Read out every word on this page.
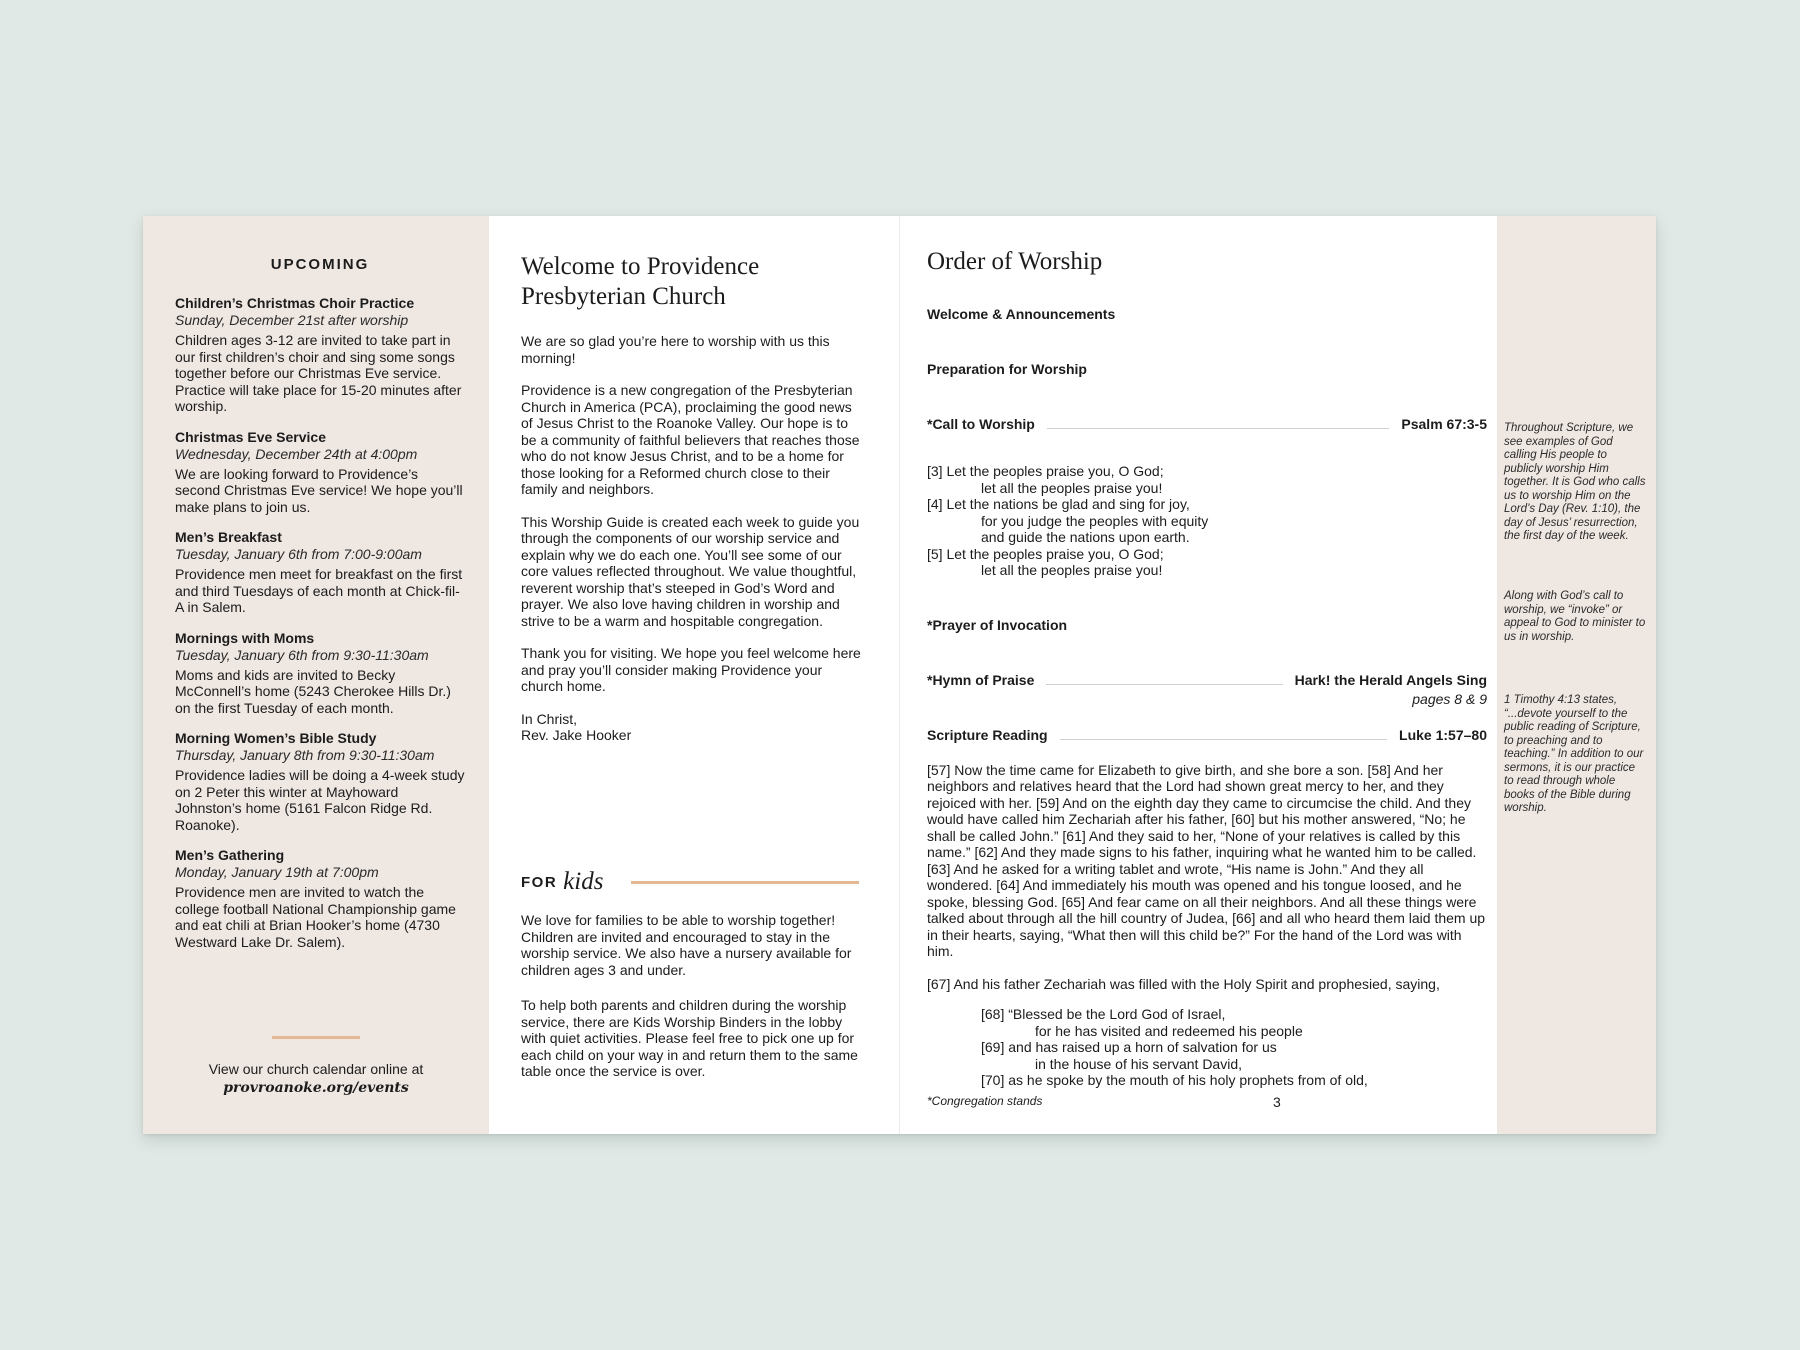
UPCOMING
Children’s Christmas Choir Practice
Sunday, December 21st after worship
Children ages 3-12 are invited to take part in our first children’s choir and sing some songs together before our Christmas Eve service. Practice will take place for 15-20 minutes after worship.
Christmas Eve Service
Wednesday, December 24th at 4:00pm
We are looking forward to Providence’s second Christmas Eve service! We hope you’ll make plans to join us.
Men’s Breakfast
Tuesday, January 6th from 7:00-9:00am
Providence men meet for breakfast on the first and third Tuesdays of each month at Chick-fil-A in Salem.
Mornings with Moms
Tuesday, January 6th from 9:30-11:30am
Moms and kids are invited to Becky McConnell’s home (5243 Cherokee Hills Dr.) on the first Tuesday of each month.
Morning Women’s Bible Study
Thursday, January 8th from 9:30-11:30am
Providence ladies will be doing a 4-week study on 2 Peter this winter at Mayhoward Johnston’s home (5161 Falcon Ridge Rd. Roanoke).
Men’s Gathering
Monday, January 19th at 7:00pm
Providence men are invited to watch the college football National Championship game and eat chili at Brian Hooker’s home (4730 Westward Lake Dr. Salem).
View our church calendar online at
provroanoke.org/events
Welcome to Providence
Presbyterian Church

We are so glad you’re here to worship with us this morning!

Providence is a new congregation of the Presbyterian Church in America (PCA), proclaiming the good news of Jesus Christ to the Roanoke Valley. Our hope is to be a community of faithful believers that reaches those who do not know Jesus Christ, and to be a home for those looking for a Reformed church close to their family and neighbors.

This Worship Guide is created each week to guide you through the components of our worship service and explain why we do each one. You’ll see some of our core values reflected throughout. We value thoughtful, reverent worship that’s steeped in God’s Word and prayer. We also love having children in worship and strive to be a warm and hospitable congregation.

Thank you for visiting. We hope you feel welcome here and pray you’ll consider making Providence your church home.

In Christ,
Rev. Jake Hooker
FOR kids

We love for families to be able to worship together! Children are invited and encouraged to stay in the worship service. We also have a nursery available for children ages 3 and under.

To help both parents and children during the worship service, there are Kids Worship Binders in the lobby with quiet activities. Please feel free to pick one up for each child on your way in and return them to the same table once the service is over.

Order of Worship
Welcome & Announcements
Preparation for Worship
*Call to Worship	Psalm 67:3-5
[3] Let the peoples praise you, O God;
let all the peoples praise you!
[4] Let the nations be glad and sing for joy,
for you judge the peoples with equity
and guide the nations upon earth.
[5] Let the peoples praise you, O God;
let all the peoples praise you!
*Prayer of Invocation
*Hymn of Praise	Hark! the Herald Angels Sing
pages 8 & 9
Scripture Reading	Luke 1:57–80

[57] Now the time came for Elizabeth to give birth, and she bore a son. [58] And her neighbors and relatives heard that the Lord had shown great mercy to her, and they rejoiced with her. [59] And on the eighth day they came to circumcise the child. And they would have called him Zechariah after his father, [60] but his mother answered, “No; he shall be called John.” [61] And they said to her, “None of your relatives is called by this name.” [62] And they made signs to his father, inquiring what he wanted him to be called. [63] And he asked for a writing tablet and wrote, “His name is John.” And they all wondered. [64] And immediately his mouth was opened and his tongue loosed, and he spoke, blessing God. [65] And fear came on all their neighbors. And all these things were talked about through all the hill country of Judea, [66] and all who heard them laid them up in their hearts, saying, “What then will this child be?” For the hand of the Lord was with him.

[67] And his father Zechariah was filled with the Holy Spirit and prophesied, saying,

[68] “Blessed be the Lord God of Israel,
for he has visited and redeemed his people
[69] and has raised up a horn of salvation for us
in the house of his servant David,
[70] as he spoke by the mouth of his holy prophets from of old,
*Congregation stands	3
Throughout Scripture, we see examples of God calling His people to publicly worship Him together. It is God who calls us to worship Him on the Lord’s Day (Rev. 1:10), the day of Jesus’ resurrection, the first day of the week.
Along with God’s call to worship, we “invoke” or appeal to God to minister to us in worship.
1 Timothy 4:13 states, “...devote yourself to the public reading of Scripture, to preaching and to teaching.” In addition to our sermons, it is our practice to read through whole books of the Bible during worship.
